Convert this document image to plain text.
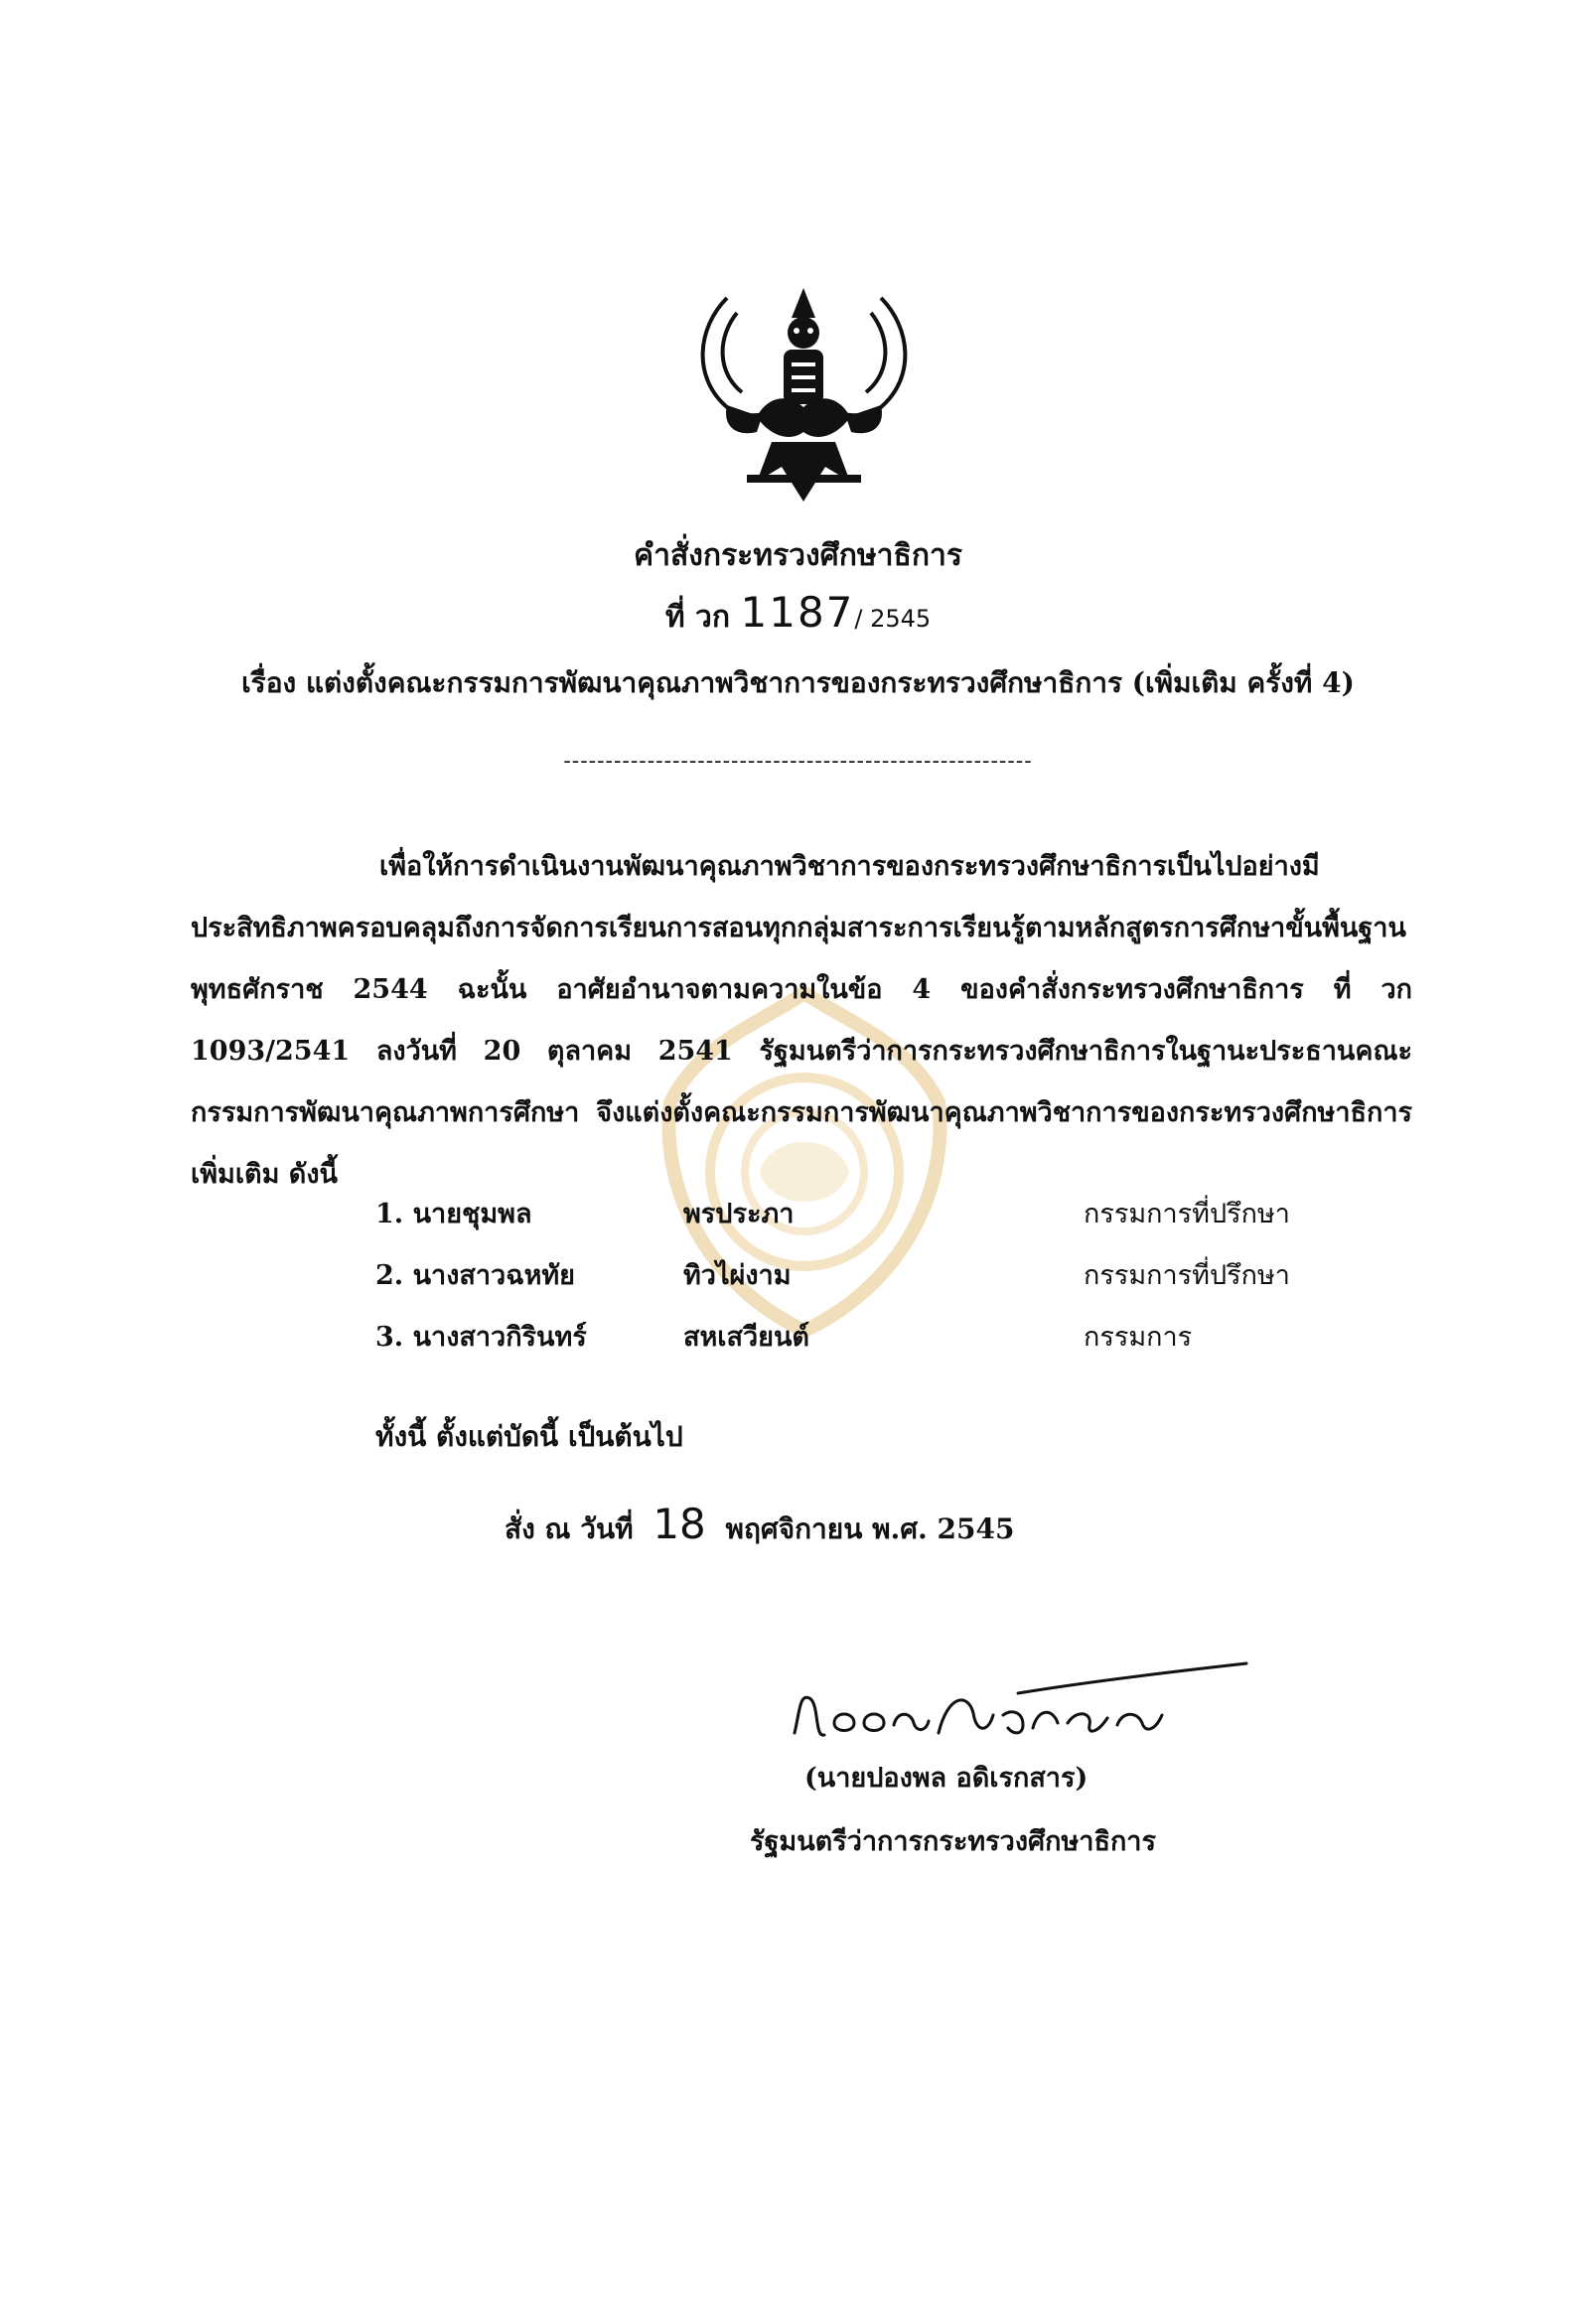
คำสั่งกระทรวงศึกษาธิการ
ที่ วก 1187/ 2545
เรื่อง แต่งตั้งคณะกรรมการพัฒนาคุณภาพวิชาการของกระทรวงศึกษาธิการ (เพิ่มเติม ครั้งที่ 4)
--------------------------------------------------------
เพื่อให้การดำเนินงานพัฒนาคุณภาพวิชาการของกระทรวงศึกษาธิการเป็นไปอย่างมีประสิทธิภาพครอบคลุมถึงการจัดการเรียนการสอนทุกกลุ่มสาระการเรียนรู้ตามหลักสูตรการศึกษาขั้นพื้นฐาน พุทธศักราช 2544 ฉะนั้น อาศัยอำนาจตามความในข้อ 4 ของคำสั่งกระทรวงศึกษาธิการ ที่ วก 1093/2541 ลงวันที่ 20 ตุลาคม 2541 รัฐมนตรีว่าการกระทรวงศึกษาธิการในฐานะประธานคณะกรรมการพัฒนาคุณภาพการศึกษา จึงแต่งตั้งคณะกรรมการพัฒนาคุณภาพวิชาการของกระทรวงศึกษาธิการเพิ่มเติม ดังนี้
1. นายชุมพล	พรประภา	กรรมการที่ปรึกษา
2. นางสาวฉหทัย	ทิวไผ่งาม	กรรมการที่ปรึกษา
3. นางสาวกิรินทร์	สหเสวียนต์	กรรมการ
ทั้งนี้ ตั้งแต่บัดนี้ เป็นต้นไป
สั่ง ณ วันที่ 18 พฤศจิกายน พ.ศ. 2545
(นายปองพล อดิเรกสาร)
รัฐมนตรีว่าการกระทรวงศึกษาธิการ
